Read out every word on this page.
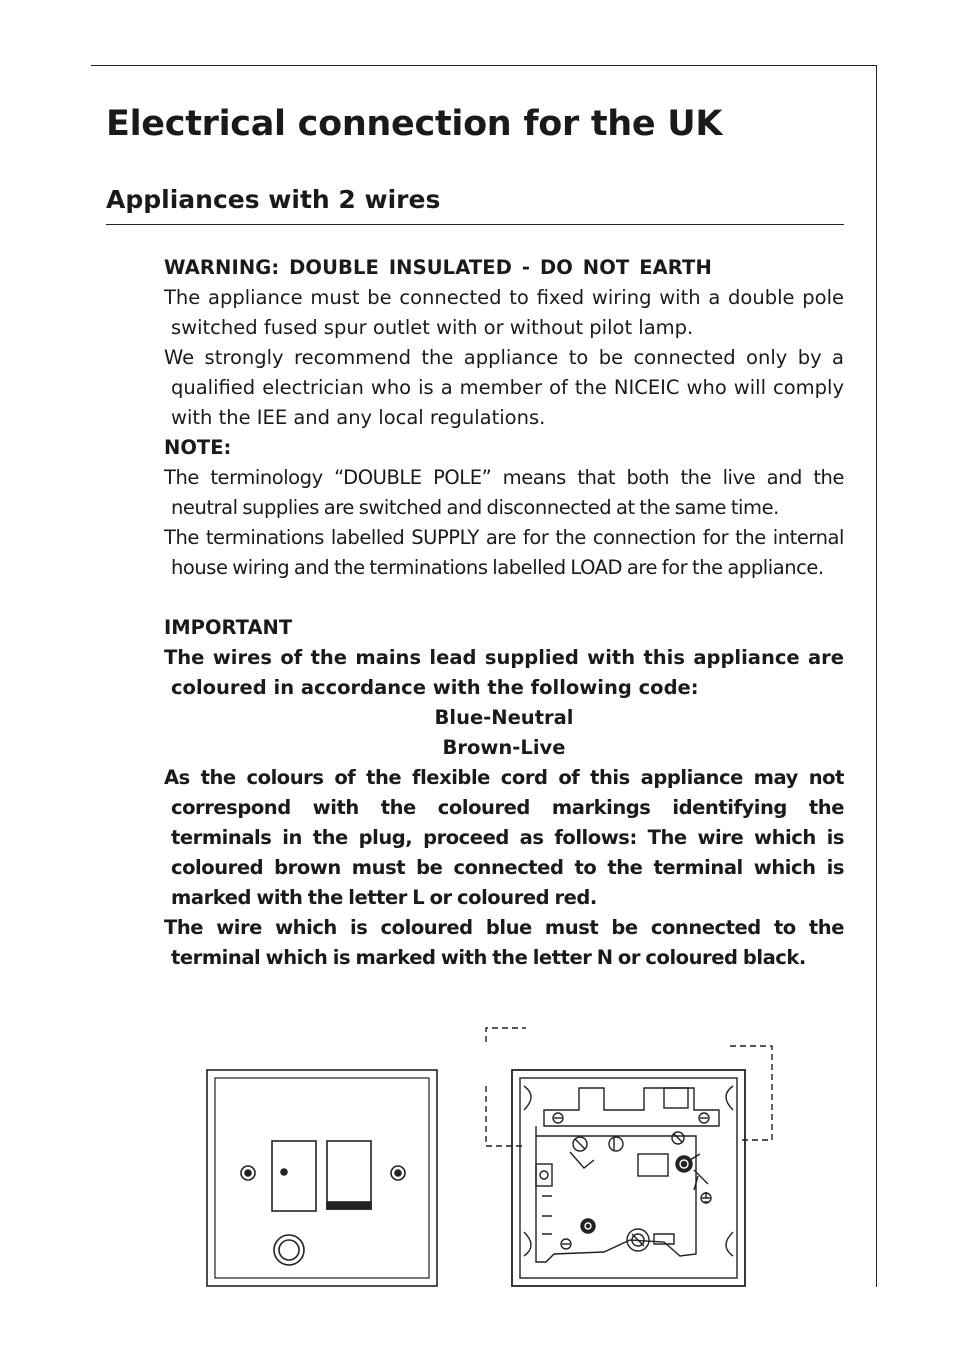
Electrical connection for the UK
Appliances with 2 wires

WARNING: DOUBLE INSULATED - DO NOT EARTH

The appliance must be connected to fixed wiring with a double pole switched fused spur outlet with or without pilot lamp.

We strongly recommend the appliance to be connected only by a qualified electrician who is a member of the NICEIC who will comply with the IEE and any local regulations.

NOTE:

The terminology “DOUBLE POLE” means that both the live and the neutral supplies are switched and disconnected at the same time.

The terminations labelled SUPPLY are for the connection for the internal house wiring and the terminations labelled LOAD are for the appliance.

IMPORTANT

The wires of the mains lead supplied with this appliance are coloured in accordance with the following code:

Blue-Neutral

Brown-Live

As the colours of the flexible cord of this appliance may not correspond with the coloured markings identifying the terminals in the plug, proceed as follows: The wire which is coloured brown must be connected to the terminal which is marked with the letter L or coloured red.

The wire which is coloured blue must be connected to the terminal which is marked with the letter N or coloured black.
